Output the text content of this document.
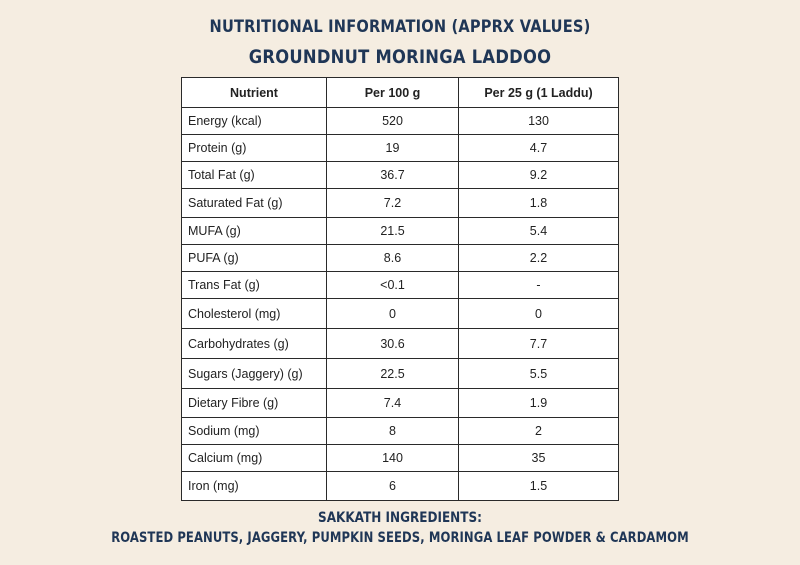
NUTRITIONAL INFORMATION (APPRX VALUES)
GROUNDNUT MORINGA LADDOO
Nutrient	Per 100 g	Per 25 g (1 Laddu)
Energy (kcal)	520	130
Protein (g)	19	4.7
Total Fat (g)	36.7	9.2
Saturated Fat (g)	7.2	1.8
MUFA (g)	21.5	5.4
PUFA (g)	8.6	2.2
Trans Fat (g)	<0.1	-
Cholesterol (mg)	0	0
Carbohydrates (g)	30.6	7.7
Sugars (Jaggery) (g)	22.5	5.5
Dietary Fibre (g)	7.4	1.9
Sodium (mg)	8	2
Calcium (mg)	140	35
Iron (mg)	6	1.5

SAKKATH INGREDIENTS:

ROASTED PEANUTS, JAGGERY, PUMPKIN SEEDS, MORINGA LEAF POWDER & CARDAMOM
